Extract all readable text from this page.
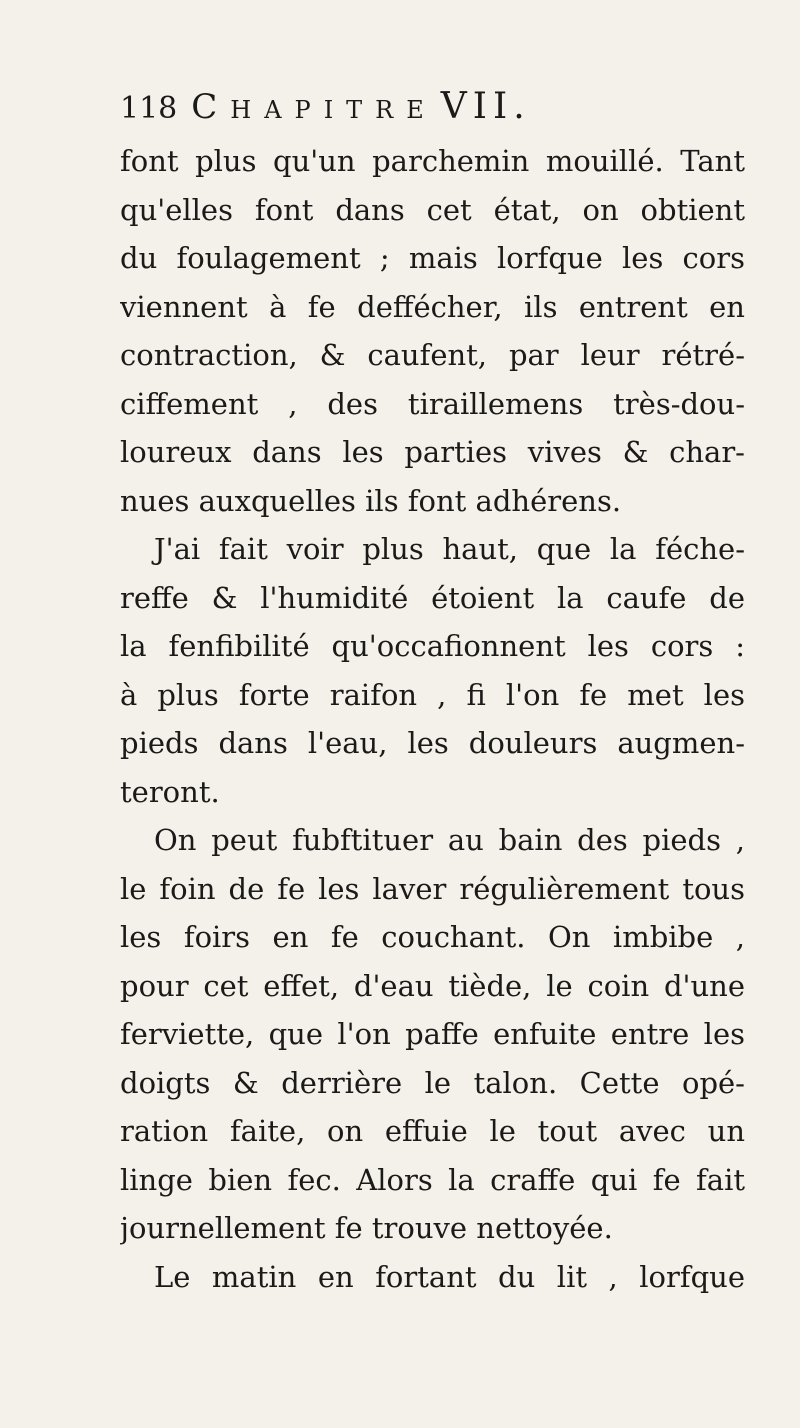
118 Chapitre VII.
font plus qu'un parchemin mouillé. Tant
qu'elles font dans cet état, on obtient
du foulagement ; mais lorfque les cors
viennent à fe deffécher, ils entrent en
contraction, & caufent, par leur rétré-
ciffement , des tiraillemens très-dou-
loureux dans les parties vives & char-
nues auxquelles ils font adhérens.
J'ai fait voir plus haut, que la féche-
reffe & l'humidité étoient la caufe de
la fenfibilité qu'occafionnent les cors :
à plus forte raifon , fi l'on fe met les
pieds dans l'eau, les douleurs augmen-
teront.
On peut fubftituer au bain des pieds ,
le foin de fe les laver régulièrement tous
les foirs en fe couchant. On imbibe ,
pour cet effet, d'eau tiède, le coin d'une
ferviette, que l'on paffe enfuite entre les
doigts & derrière le talon. Cette opé-
ration faite, on effuie le tout avec un
linge bien fec. Alors la craffe qui fe fait
journellement fe trouve nettoyée.
Le matin en fortant du lit , lorfque
